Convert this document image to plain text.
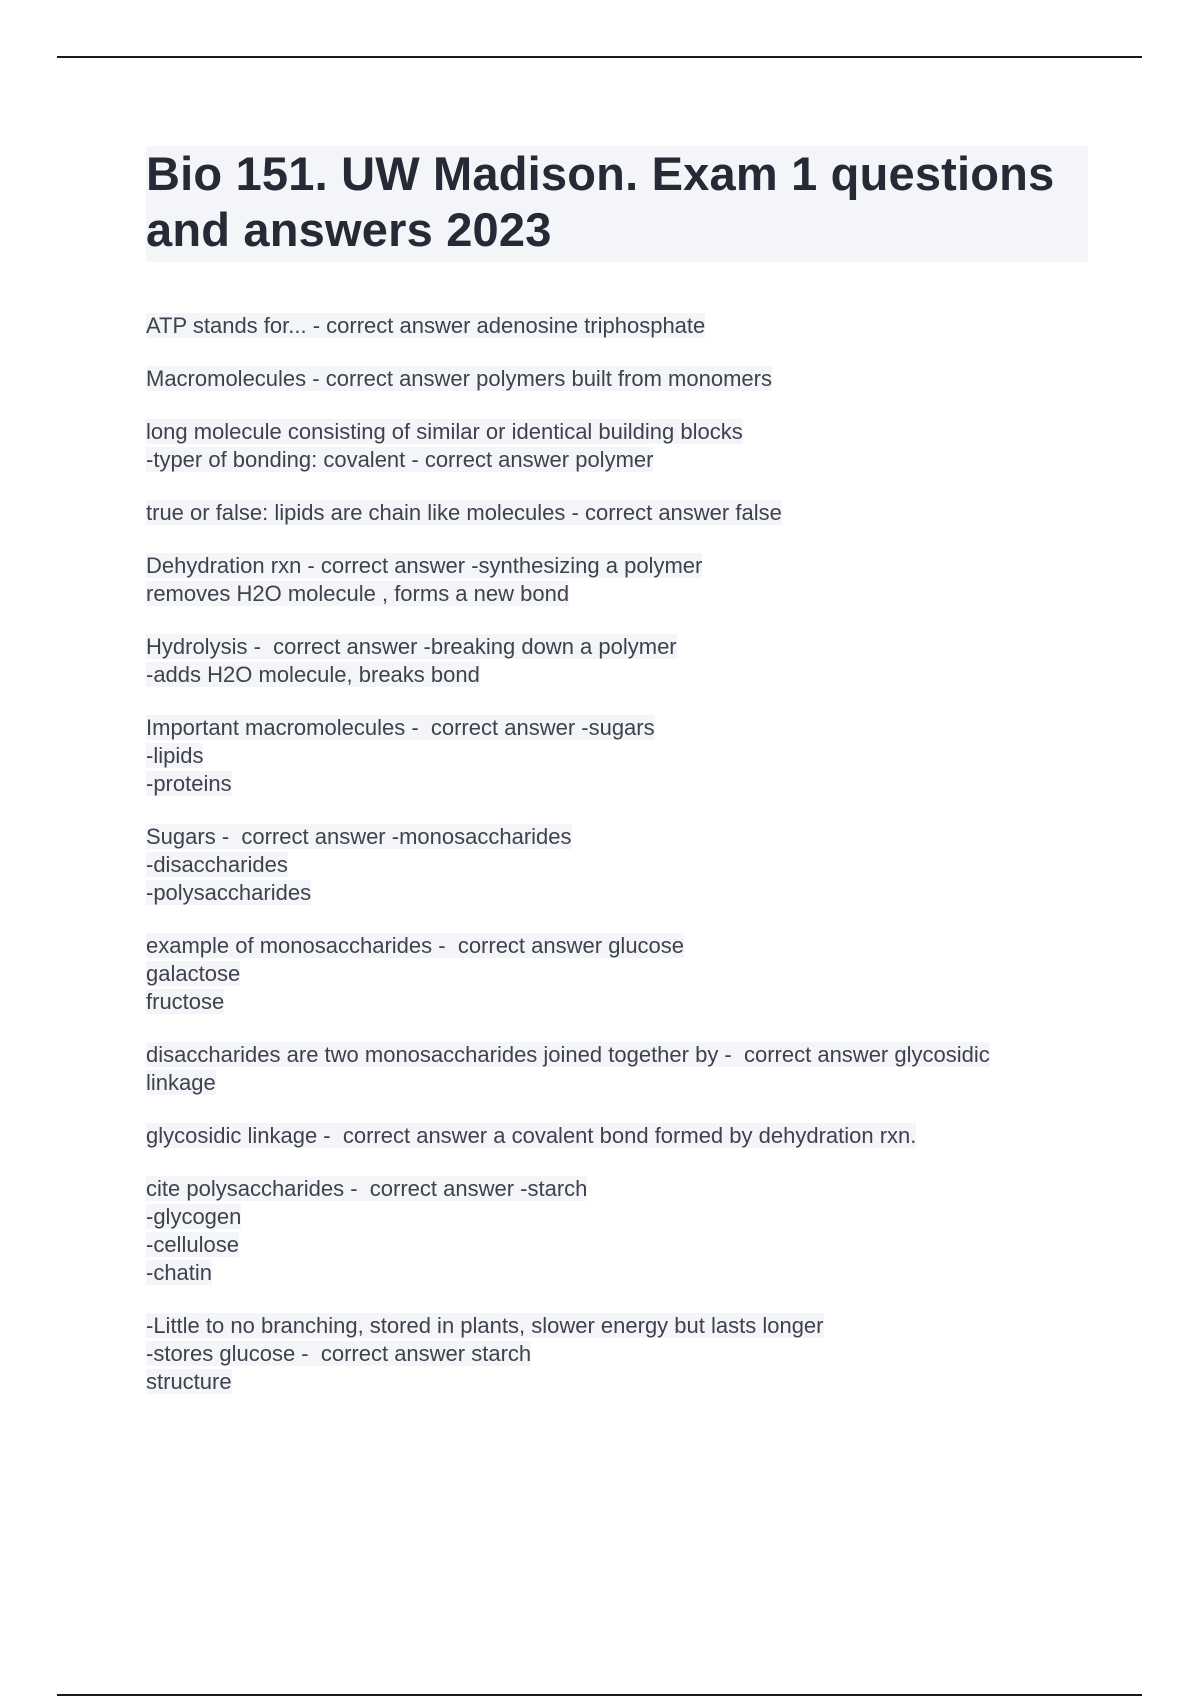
Bio 151. UW Madison. Exam 1 questions
and answers 2023
ATP stands for... - correct answer adenosine triphosphate
Macromolecules - correct answer polymers built from monomers
long molecule consisting of similar or identical building blocks
-typer of bonding: covalent - correct answer polymer
true or false: lipids are chain like molecules - correct answer false
Dehydration rxn - correct answer -synthesizing a polymer
removes H2O molecule , forms a new bond
Hydrolysis -  correct answer -breaking down a polymer
-adds H2O molecule, breaks bond
Important macromolecules -  correct answer -sugars
-lipids
-proteins
Sugars -  correct answer -monosaccharides
-disaccharides
-polysaccharides
example of monosaccharides -  correct answer glucose
galactose
fructose
disaccharides are two monosaccharides joined together by -  correct answer glycosidic
linkage
glycosidic linkage -  correct answer a covalent bond formed by dehydration rxn.
cite polysaccharides -  correct answer -starch
-glycogen
-cellulose
-chatin
-Little to no branching, stored in plants, slower energy but lasts longer
-stores glucose -  correct answer starch
structure
